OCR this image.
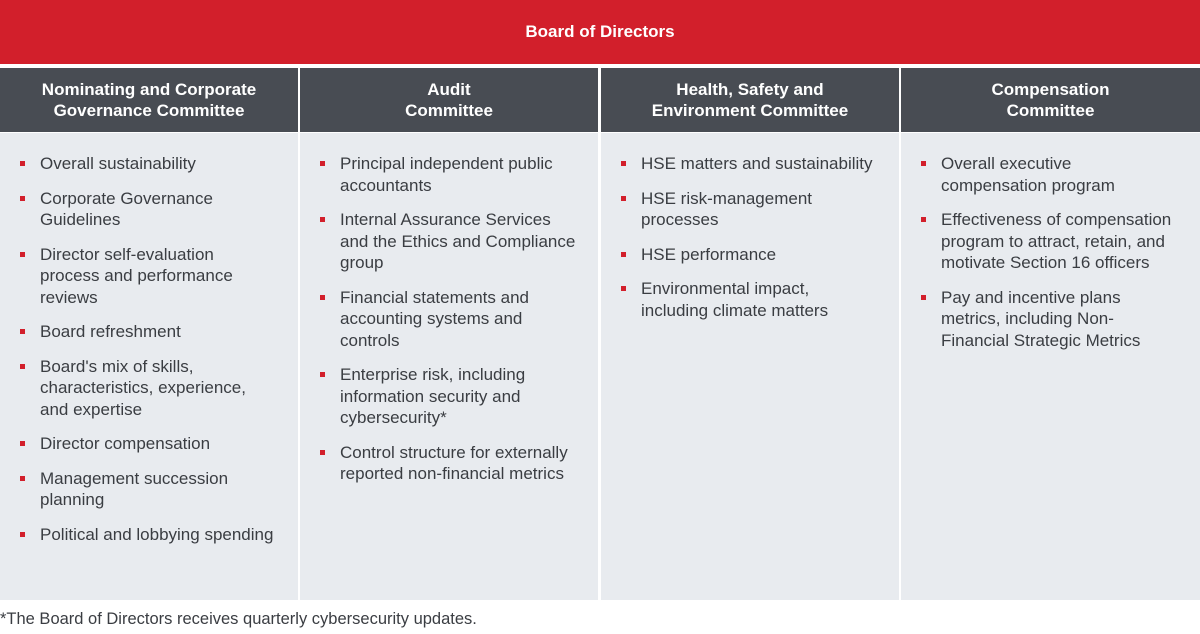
Board of Directors
Nominating and Corporate
Governance Committee
Overall sustainability
Corporate Governance Guidelines
Director self-evaluation process and performance reviews
Board refreshment
Board's mix of skills, characteristics, experience, and expertise
Director compensation
Management succession planning
Political and lobbying spending
Audit
Committee
Principal independent public accountants
Internal Assurance Services and the Ethics and Compliance group
Financial statements and accounting systems and controls
Enterprise risk, including information security and cybersecurity*
Control structure for externally reported non-financial metrics
Health, Safety and
Environment Committee
HSE matters and sustainability
HSE risk-management processes
HSE performance
Environmental impact, including climate matters
Compensation
Committee
Overall executive compensation program
Effectiveness of compensation program to attract, retain, and motivate Section 16 officers
Pay and incentive plans metrics, including Non-Financial Strategic Metrics
*The Board of Directors receives quarterly cybersecurity updates.
